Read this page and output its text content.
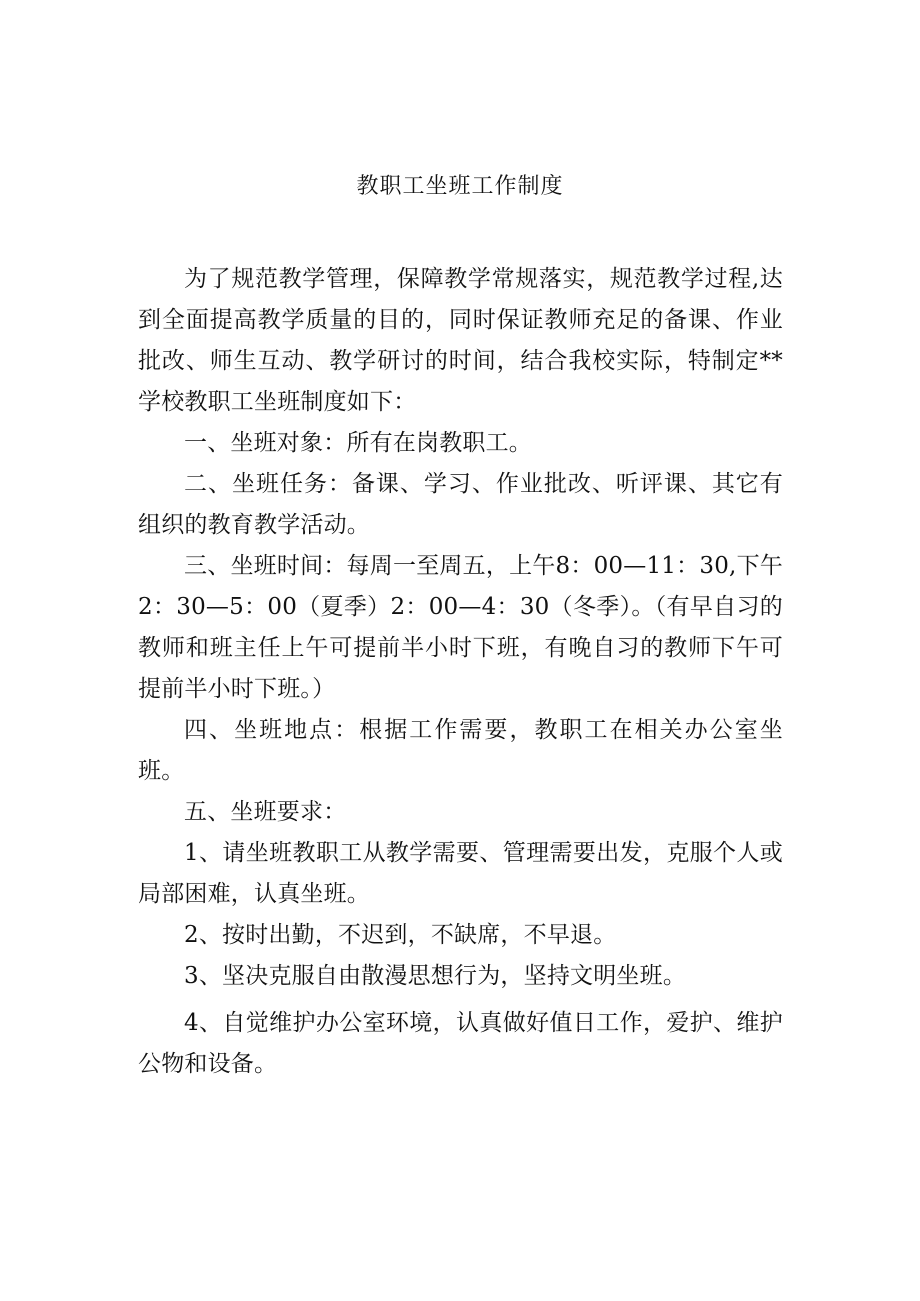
教职工坐班工作制度

为了规范教学管理，保障教学常规落实，规范教学过程,达到全面提高教学质量的目的，同时保证教师充足的备课、作业批改、师生互动、教学研讨的时间，结合我校实际，特制定**学校教职工坐班制度如下：

一、坐班对象：所有在岗教职工。

二、坐班任务：备课、学习、作业批改、听评课、其它有组织的教育教学活动。

三、坐班时间：每周一至周五，上午8：00—11：30,下午2：30—5：00（夏季）2：00—4：30（冬季）。（有早自习的教师和班主任上午可提前半小时下班，有晚自习的教师下午可提前半小时下班。）

四、坐班地点：根据工作需要，教职工在相关办公室坐班。

五、坐班要求：

1、请坐班教职工从教学需要、管理需要出发，克服个人或局部困难，认真坐班。

2、按时出勤，不迟到，不缺席，不早退。

3、坚决克服自由散漫思想行为，坚持文明坐班。

4、自觉维护办公室环境，认真做好值日工作，爱护、维护公物和设备。
